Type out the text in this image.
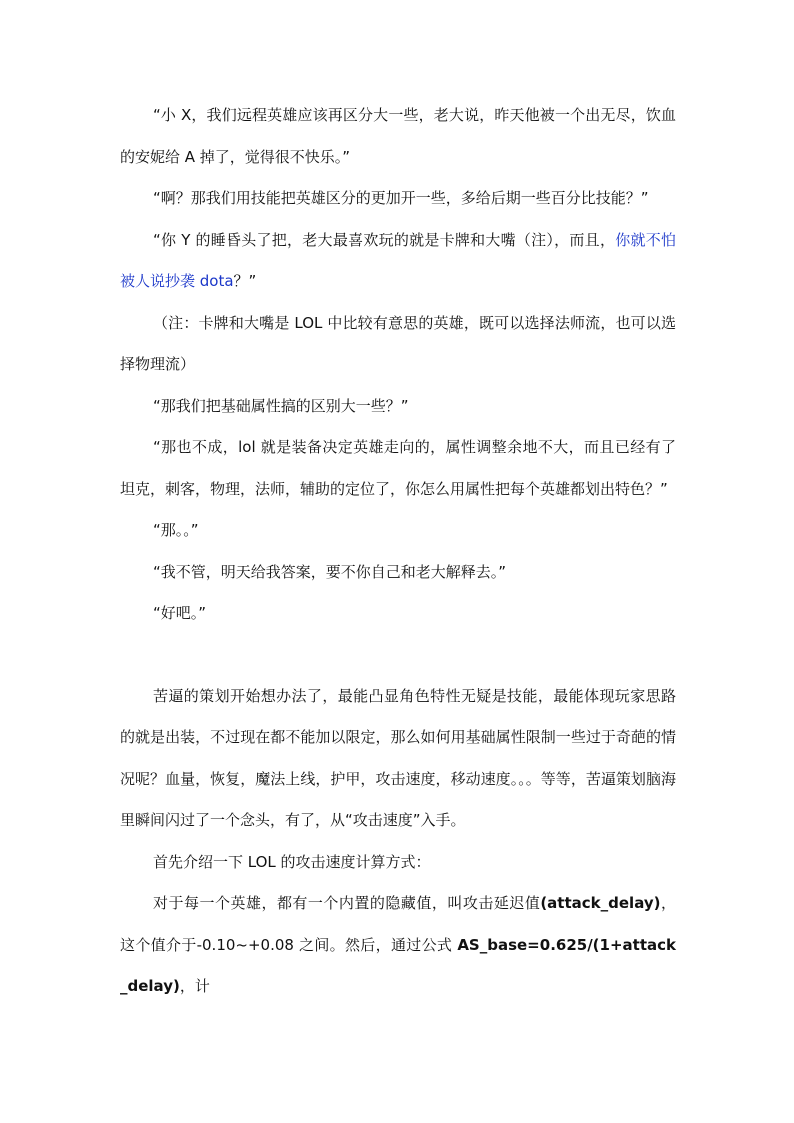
“小 X，我们远程英雄应该再区分大一些，老大说，昨天他被一个出无尽，饮血的安妮给 A 掉了，觉得很不快乐。”

“啊？那我们用技能把英雄区分的更加开一些，多给后期一些百分比技能？”

“你 Y 的睡昏头了把，老大最喜欢玩的就是卡牌和大嘴（注），而且，你就不怕被人说抄袭 dota？”

（注：卡牌和大嘴是 LOL 中比较有意思的英雄，既可以选择法师流，也可以选择物理流）

“那我们把基础属性搞的区别大一些？”

“那也不成，lol 就是装备决定英雄走向的，属性调整余地不大，而且已经有了坦克，刺客，物理，法师，辅助的定位了，你怎么用属性把每个英雄都划出特色？”

“那。。”

“我不管，明天给我答案，要不你自己和老大解释去。”

“好吧。”

苦逼的策划开始想办法了，最能凸显角色特性无疑是技能，最能体现玩家思路的就是出装，不过现在都不能加以限定，那么如何用基础属性限制一些过于奇葩的情况呢？血量，恢复，魔法上线，护甲，攻击速度，移动速度。。。等等，苦逼策划脑海里瞬间闪过了一个念头，有了，从“攻击速度”入手。

首先介绍一下 LOL 的攻击速度计算方式：

对于每一个英雄，都有一个内置的隐藏值，叫攻击延迟值(attack_delay)，这个值介于-0.10~+0.08 之间。然后，通过公式 AS_base=0.625/(1+attack_delay)，计
